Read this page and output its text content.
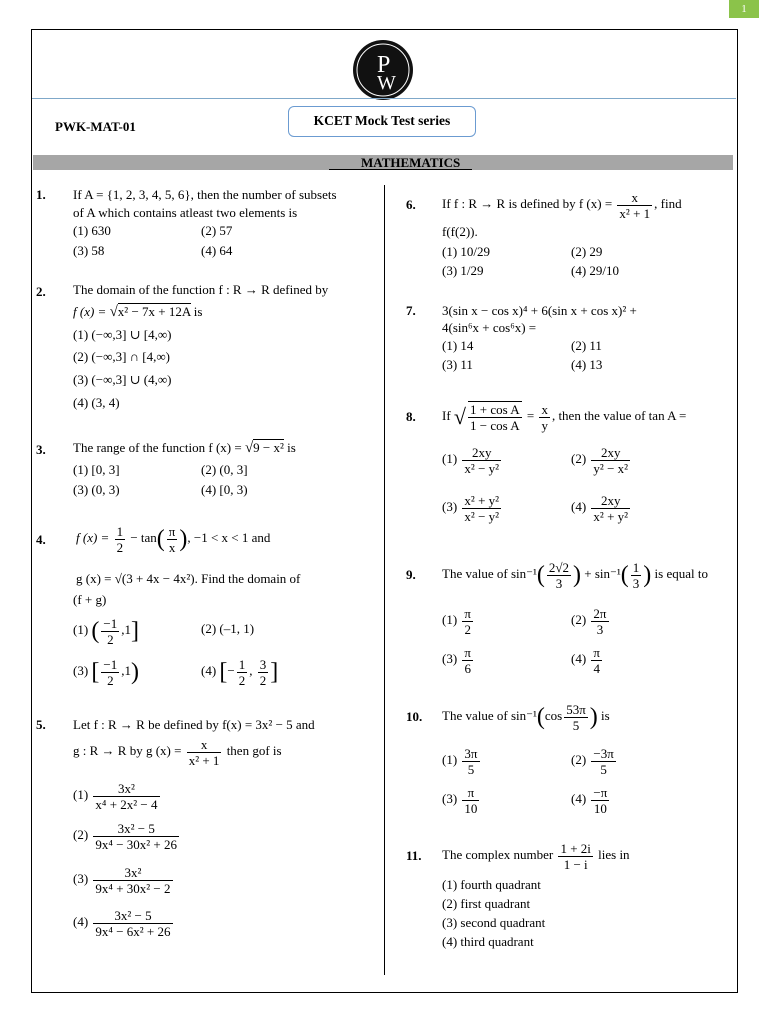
1
P
W
PWK-MAT-01	KCET Mock Test series
MATHEMATICS
1. If A = {1, 2, 3, 4, 5, 6}, then the number of subsets
of A which contains atleast two elements is
(1) 630	(2) 57
(3) 58	(4) 64
2. The domain of the function f : R → R defined by
f (x) = √x² − 7x + 12A is
(1) (−∞,3] ∪ [4,∞)
(2) (−∞,3] ∩ [4,∞)
(3) (−∞,3] ∪ (4,∞)
(4) (3, 4)
3. The range of the function f (x) = √9 − x² is
(1) [0, 3]	(2) (0, 3]
(3) (0, 3)	(4) [0, 3)
4. f $(x) = \frac{1}{2} - \tan( \frac{\pi}{x}$ ), −1 < x < 1 and
g (x) = √(3 + 4x − 4x²). Find the domain of
(f + g)
(1) ( $\frac{-1}{2} ,1$]	(2) (–1, 1)
(3) [ $\frac{-1}{2} ,1$)	(4) [− $\frac{1}{2}$ , $\frac{3}{2}$ ]
5. Let f : R → R be defined by f(x) = 3x² − 5 and
g : R → R by g $(x) = \frac{x}{\text{x² + 1}}$ then gof is
$(1) \frac{\text{3x²}}{\text{x⁴ + 2x² − 4}}$
$(2) \frac{\text{3x² − 5}}{\text{9x⁴ − 30x² + 26}}$
$(3) \frac{\text{3x²}}{\text{9x⁴ + 30x² − 2}}$
$(4) \frac{\text{3x² − 5}}{\text{9x⁴ − 6x² + 26}}$
6. If f : R → R is defined by f $(x) = \frac{x}{\text{x² + 1}}$ , find
f(f(2)).
(1) 10/29	(2) 29
(3) 1/29	(4) 29/10
7. 3(sin x − cos x)⁴ + 6(sin x + cos x)² +
4(sin⁶x + cos⁶x) =
(1) 14	(2) 11
(3) 11	(4) 13
8. If √ $\frac{\text{1 + cos A}}{\text{1 − cos A}} = \frac{x}{y}$ , then the value of tan A =
$(1) \frac{2xy}{\text{x² − y²}}$	$(2) \frac{2xy}{\text{y² − x²}}$
$(3) \frac{\text{x² + y²}}{\text{x² − y²}}$	$(4) \frac{2xy}{\text{x² + y²}}$
9. The value of $\sin^{-1}( \frac{2√2}{3}$ ) + $\sin^{-1}( \frac{1}{3}$ ) is equal to
$(1) \frac{\pi}{2}$	$(2) \frac{2\pi}{3}$
$(3) \frac{\pi}{6}$	$(4) \frac{\pi}{4}$
10. The value of $\sin^{-1}(\cos \frac{53\pi}{5}$ ) is
$(1) \frac{3\pi}{5}$	$(2) \frac{-3\pi}{5}$
$(3) \frac{\pi}{10}$	$(4) \frac{-\pi}{10}$
11. The complex number $\frac{1 + 2i}{1 - i}$ lies in
(1) fourth quadrant
(2) first quadrant
(3) second quadrant
(4) third quadrant
